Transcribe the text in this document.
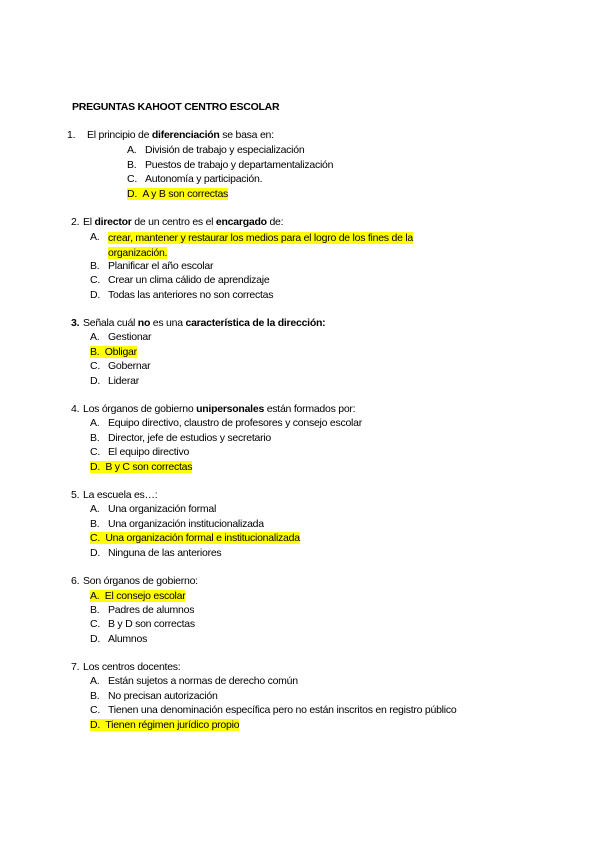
PREGUNTAS KAHOOT CENTRO ESCOLAR
1. El principio de diferenciación se basa en:
A. División de trabajo y especialización
B. Puestos de trabajo y departamentalización
C. Autonomía y participación.
D. A y B son correctas
2. El director de un centro es el encargado de:
A. crear, mantener y restaurar los medios para el logro de los fines de la organización.
B. Planificar el año escolar
C. Crear un clima cálido de aprendizaje
D. Todas las anteriores no son correctas
3. Señala cuál no es una característica de la dirección:
A. Gestionar
B. Obligar
C. Gobernar
D. Liderar
4. Los órganos de gobierno unipersonales están formados por:
A. Equipo directivo, claustro de profesores y consejo escolar
B. Director, jefe de estudios y secretario
C. El equipo directivo
D. B y C son correctas
5. La escuela es…:
A. Una organización formal
B. Una organización institucionalizada
C. Una organización formal e institucionalizada
D. Ninguna de las anteriores
6. Son órganos de gobierno:
A. El consejo escolar
B. Padres de alumnos
C. B y D son correctas
D. Alumnos
7. Los centros docentes:
A. Están sujetos a normas de derecho común
B. No precisan autorización
C. Tienen una denominación específica pero no están inscritos en registro público
D. Tienen régimen jurídico propio
